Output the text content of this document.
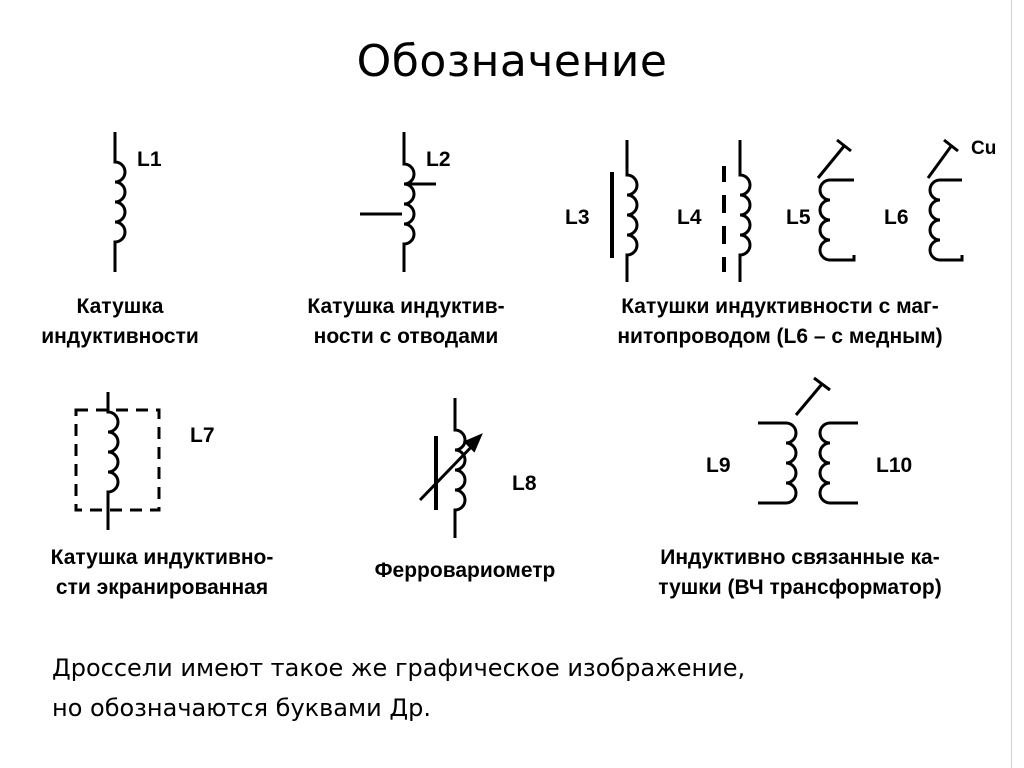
Обозначение
L1	L2
L3	L4	L5	L6
Cu
L7
L8
L9	L10
Катушка
индуктивности
Катушка индуктив-
ности с отводами
Катушки индуктивности с маг-
нитопроводом (L6 – с медным)
Катушка индуктивно-
сти экранированная
Ферровариометр
Индуктивно связанные ка-
тушки (ВЧ трансформатор)
Дроссели имеют такое же графическое изображение,
но обозначаются буквами Др.
